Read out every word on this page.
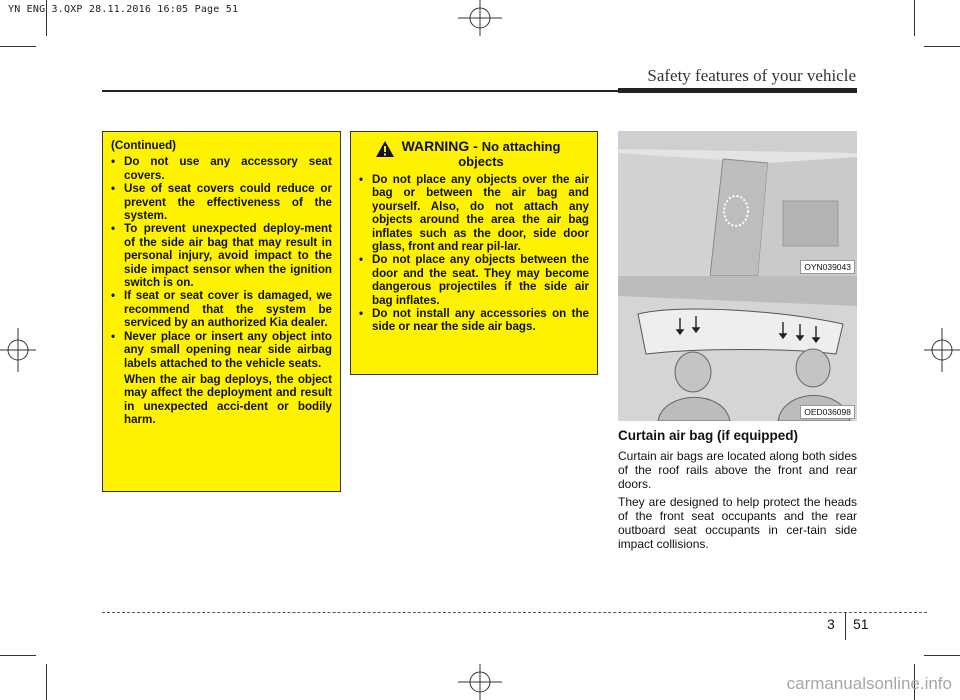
YN ENG 3.QXP 28.11.2016 16:05 Page 51
Safety features of your vehicle

(Continued)

• Do not use any accessory seat covers.

• Use of seat covers could reduce or prevent the effectiveness of the system.

• To prevent unexpected deploy-ment of the side air bag that may result in personal injury, avoid impact to the side impact sensor when the ignition switch is on.

• If seat or seat cover is damaged, we recommend that the system be serviced by an authorized Kia dealer.

• Never place or insert any object into any small opening near side airbag labels attached to the vehicle seats.

When the air bag deploys, the object may affect the deployment and result in unexpected acci-dent or bodily harm.

WARNING - No attaching objects

• Do not place any objects over the air bag or between the air bag and yourself. Also, do not attach any objects around the area the air bag inflates such as the door, side door glass, front and rear pil-lar.

• Do not place any objects between the door and the seat. They may become dangerous projectiles if the side air bag inflates.

• Do not install any accessories on the side or near the side air bags.

OYN039043
OED036098
Curtain air bag (if equipped)

Curtain air bags are located along both sides of the roof rails above the front and rear doors.

They are designed to help protect the heads of the front seat occupants and the rear outboard seat occupants in cer-tain side impact collisions.

3 51
carmanualsonline.info
